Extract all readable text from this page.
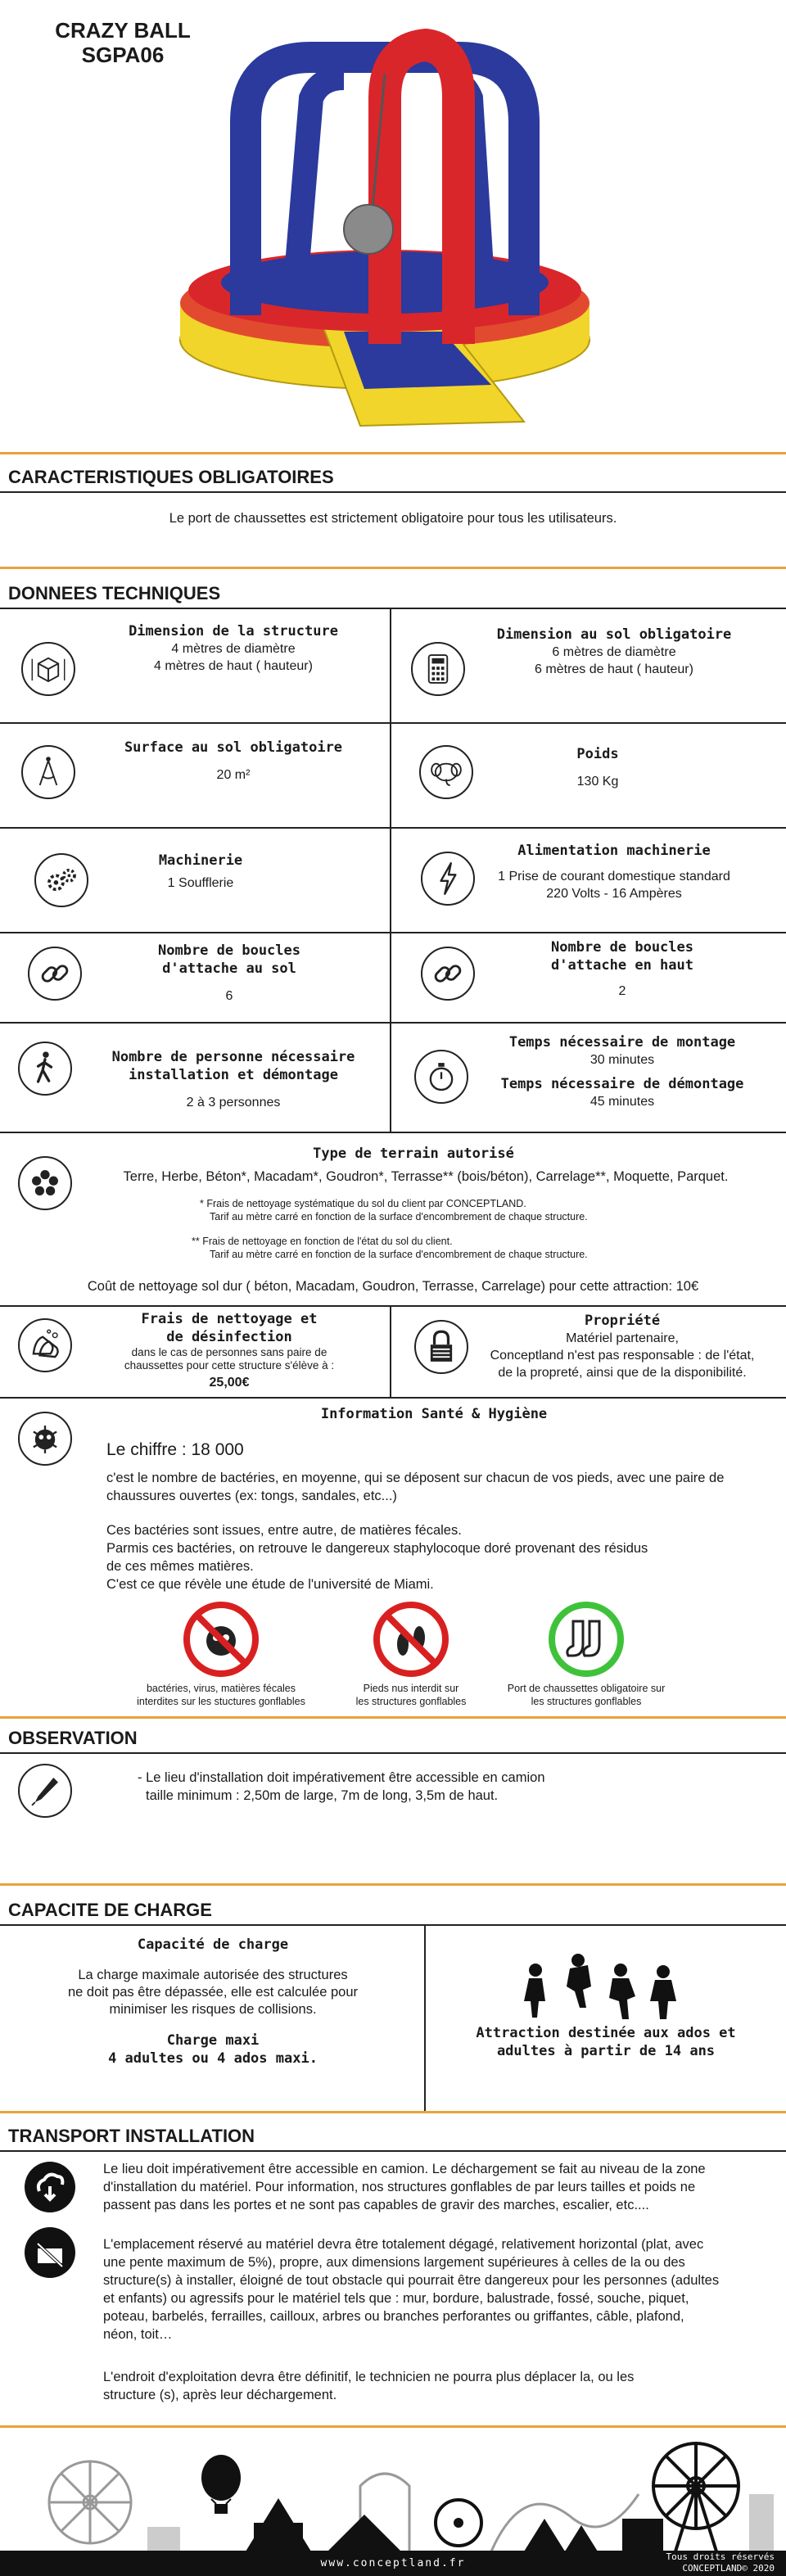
CRAZY BALL
SGPA06
CARACTERISTIQUES OBLIGATOIRES
Le port de chaussettes est strictement obligatoire pour tous les utilisateurs.
DONNEES TECHNIQUES
Dimension de la structure
4 mètres de diamètre
4 mètres de haut ( hauteur)
Dimension au sol obligatoire
6 mètres de diamètre
6 mètres de haut ( hauteur)
Surface au sol obligatoire
20 m²
Poids
130 Kg
Machinerie
1 Soufflerie
Alimentation machinerie
1 Prise de courant domestique standard
220 Volts - 16 Ampères
Nombre de boucles
d'attache au sol
6
Nombre de boucles
d'attache en haut
2
Nombre de personne nécessaire
installation et démontage
2 à 3 personnes
Temps nécessaire de montage
30 minutes
Temps nécessaire de démontage
45 minutes
Type de terrain autorisé
Terre, Herbe, Béton*, Macadam*, Goudron*, Terrasse** (bois/béton), Carrelage**, Moquette, Parquet.
* Frais de nettoyage systématique du sol du client par CONCEPTLAND.
Tarif au mètre carré en fonction de la surface d'encombrement de chaque structure.
** Frais de nettoyage en fonction de l'état du sol du client.
Tarif au mètre carré en fonction de la surface d'encombrement de chaque structure.
Coût de nettoyage sol dur ( béton, Macadam, Goudron, Terrasse, Carrelage) pour cette attraction: 10€
Frais de nettoyage et
de désinfection
dans le cas de personnes sans paire de
chaussettes pour cette structure s'élève à :
25,00€
Propriété
Matériel partenaire,
Conceptland n'est pas responsable : de l'état,
de la propreté, ainsi que de la disponibilité.
Information Santé & Hygiène
Le chiffre : 18 000
c'est le nombre de bactéries, en moyenne, qui se déposent sur chacun de vos pieds, avec une paire de
chaussures ouvertes (ex: tongs, sandales, etc...)
Ces bactéries sont issues, entre autre, de matières fécales.
Parmis ces bactéries, on retrouve le dangereux staphylocoque doré provenant des résidus
de ces mêmes matières.
C'est ce que révèle une étude de l'université de Miami.
bactéries, virus, matières fécales
interdites sur les stuctures gonflables
Pieds nus interdit sur
les structures gonflables
Port de chaussettes obligatoire sur
les structures gonflables
OBSERVATION
- Le lieu d'installation doit impérativement être accessible en camion
taille minimum : 2,50m de large, 7m de long, 3,5m de haut.
CAPACITE DE CHARGE
Capacité de charge
La charge maximale autorisée des structures
ne doit pas être dépassée, elle est calculée pour
minimiser les risques de collisions.
Charge maxi
4 adultes ou 4 ados maxi.
Attraction destinée aux ados et
adultes à partir de 14 ans
TRANSPORT INSTALLATION
Le lieu doit impérativement être accessible en camion. Le déchargement se fait au niveau de la zone
d'installation du matériel. Pour information, nos structures gonflables de par leurs tailles et poids ne
passent pas dans les portes et ne sont pas capables de gravir des marches, escalier, etc....
L'emplacement réservé au matériel devra être totalement dégagé, relativement horizontal (plat, avec
une pente maximum de 5%), propre, aux dimensions largement supérieures à celles de la ou des
structure(s) à installer, éloigné de tout obstacle qui pourrait être dangereux pour les personnes (adultes
et enfants) ou agressifs pour le matériel tels que : mur, bordure, balustrade, fossé, souche, piquet,
poteau, barbelés, ferrailles, cailloux, arbres ou branches perforantes ou griffantes, câble, plafond,
néon, toit…
L'endroit d'exploitation devra être définitif, le technicien ne pourra plus déplacer la, ou les
structure (s), après leur déchargement.
www.conceptland.fr
Tous droits réservés
CONCEPTLAND© 2020
